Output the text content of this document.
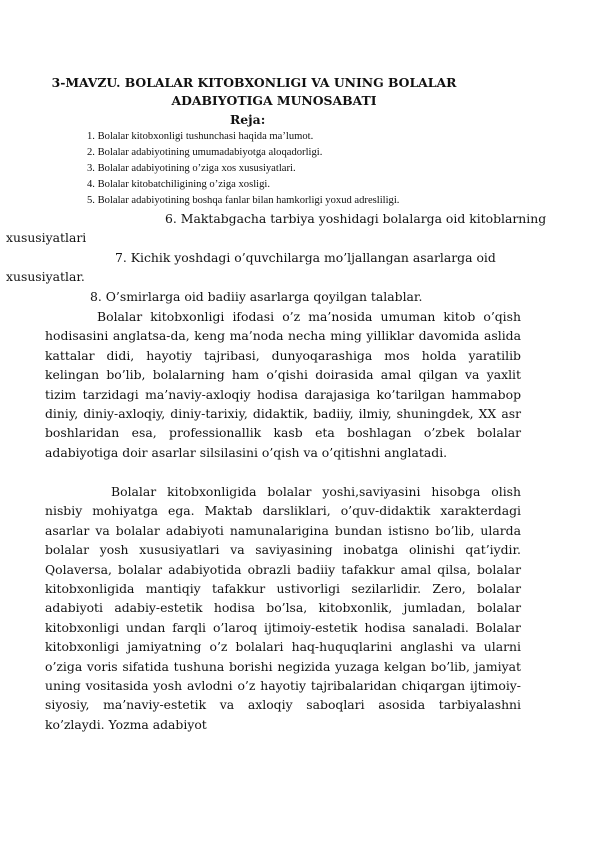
3-MAVZU. BOLALAR KITOBXONLIGI VA UNING BOLALAR
ADABIYOTIGA MUNOSABATI
Reja:
1. Bolalar kitobxonligi tushunchasi haqida ma’lumot.
2. Bolalar adabiyotining umumadabiyotga aloqadorligi.
3. Bolalar adabiyotining o’ziga xos xususiyatlari.
4. Bolalar kitobatchiligining o’ziga xosligi.
5. Bolalar adabiyotining boshqa fanlar bilan hamkorligi yoxud adresliligi.
6. Maktabgacha tarbiya yoshidagi bolalarga oid kitoblarning
xususiyatlari
7. Kichik yoshdagi o’quvchilarga mo’ljallangan asarlarga oid
xususiyatlar.
8. O’smirlarga oid badiiy asarlarga qoyilgan talablar.
Bolalar kitobxonligi ifodasi o’z ma’nosida umuman kitob o’qish hodisasini anglatsa-da, keng ma’noda necha ming yilliklar davomida aslida kattalar didi, hayotiy tajribasi, dunyoqarashiga mos holda yaratilib kelingan bo’lib, bolalarning ham o’qishi doirasida amal qilgan va yaxlit tizim tarzidagi ma’naviy-axloqiy hodisa darajasiga ko’tarilgan hammabop diniy, diniy-axloqiy, diniy-tarixiy, didaktik, badiiy, ilmiy, shuningdek, XX asr boshlaridan esa, professionallik kasb eta boshlagan o’zbek bolalar adabiyotiga doir asarlar silsilasini o’qish va o’qitishni anglatadi.
Bolalar kitobxonligida bolalar yoshi,saviyasini hisobga olish nisbiy mohiyatga ega. Maktab darsliklari, o’quv-didaktik xarakterdagi asarlar va bolalar adabiyoti namunalarigina bundan istisno bo’lib, ularda bolalar yosh xususiyatlari va saviyasining inobatga olinishi qat’iydir. Qolaversa, bolalar adabiyotida obrazli badiiy tafakkur amal qilsa, bolalar kitobxonligida mantiqiy tafakkur ustivorligi sezilarlidir. Zero, bolalar adabiyoti adabiy-estetik hodisa bo’lsa, kitobxonlik, jumladan, bolalar kitobxonligi undan farqli o’laroq ijtimoiy-estetik hodisa sanaladi. Bolalar kitobxonligi jamiyatning o’z bolalari haq-huquqlarini anglashi va ularni o’ziga voris sifatida tushuna borishi negizida yuzaga kelgan bo’lib, jamiyat uning vositasida yosh avlodni o’z hayotiy tajribalaridan chiqargan ijtimoiy-siyosiy, ma’naviy-estetik va axloqiy saboqlari asosida tarbiyalashni ko’zlaydi. Yozma adabiyot
